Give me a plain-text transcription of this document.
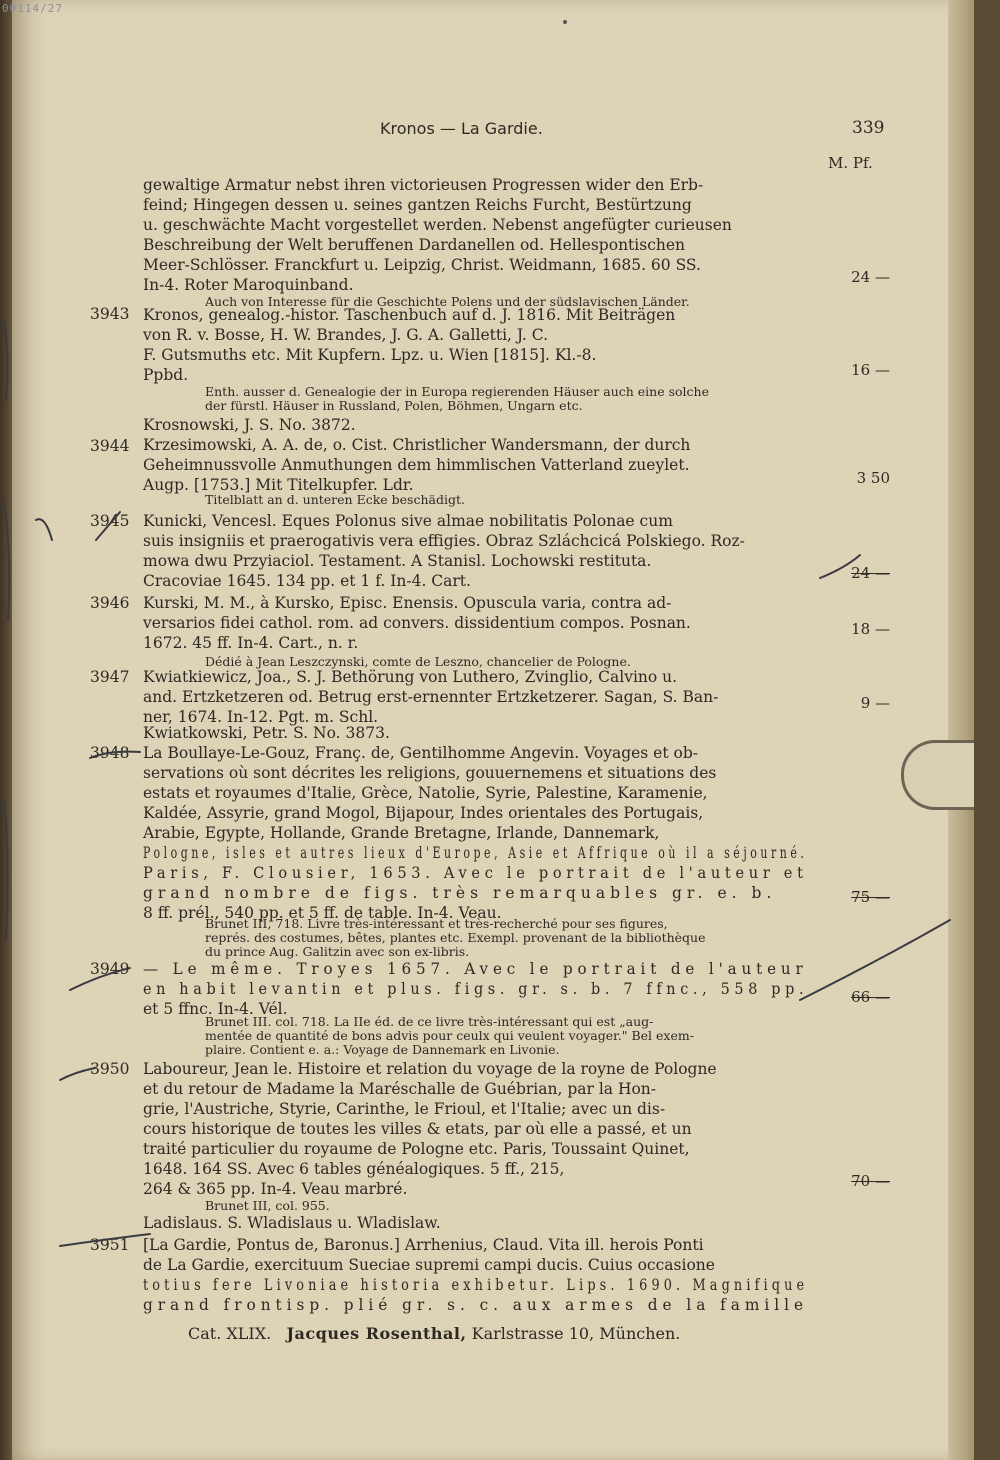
00114/27
Kronos — La Gardie.	339
M. Pf.
gewaltige Armatur nebst ihren victorieusen Progressen wider den Erb-
feind; Hingegen dessen u. seines gantzen Reichs Furcht, Bestürtzung
u. geschwächte Macht vorgestellet werden. Nebenst angefügter curieusen
Beschreibung der Welt beruffenen Dardanellen od. Hellespontischen
Meer-Schlösser. Franckfurt u. Leipzig, Christ. Weidmann, 1685. 60 SS.
In-4. Roter Maroquinband.
Auch von Interesse für die Geschichte Polens und der südslavischen Länder.
Kronos, genealog.-histor. Taschenbuch auf d. J. 1816. Mit Beiträgen
von R. v. Bosse, H. W. Brandes, J. G. A. Galletti, J. C.
F. Gutsmuths etc. Mit Kupfern. Lpz. u. Wien [1815]. Kl.-8.
Ppbd.
Enth. ausser d. Genealogie der in Europa regierenden Häuser auch eine solche
der fürstl. Häuser in Russland, Polen, Böhmen, Ungarn etc.
Krosnowski, J. S. No. 3872.
Krzesimowski, A. A. de, o. Cist. Christlicher Wandersmann, der durch
Geheimnussvolle Anmuthungen dem himmlischen Vatterland zueylet.
Augp. [1753.] Mit Titelkupfer. Ldr.
Titelblatt an d. unteren Ecke beschädigt.
Kunicki, Vencesl. Eques Polonus sive almae nobilitatis Polonae cum
suis insigniis et praerogativis vera effigies. Obraz Szláchcicá Polskiego. Roz-
mowa dwu Przyiaciol. Testament. A Stanisl. Lochowski restituta.
Cracoviae 1645. 134 pp. et 1 f. In-4. Cart.
Kurski, M. M., à Kursko, Episc. Enensis. Opuscula varia, contra ad-
versarios fidei cathol. rom. ad convers. dissidentium compos. Posnan.
1672. 45 ff. In-4. Cart., n. r.
Dédié à Jean Leszczynski, comte de Leszno, chancelier de Pologne.
Kwiatkiewicz, Joa., S. J. Bethörung von Luthero, Zvinglio, Calvino u.
and. Ertzketzeren od. Betrug erst-ernennter Ertzketzerer. Sagan, S. Ban-
ner, 1674. In-12. Pgt. m. Schl.
Kwiatkowski, Petr. S. No. 3873.
La Boullaye-Le-Gouz, Franç. de, Gentilhomme Angevin. Voyages et ob-
servations où sont décrites les religions, gouuernemens et situations des
estats et royaumes d'Italie, Grèce, Natolie, Syrie, Palestine, Karamenie,
Kaldée, Assyrie, grand Mogol, Bijapour, Indes orientales des Portugais,
Arabie, Egypte, Hollande, Grande Bretagne, Irlande, Dannemark,
Pologne, isles et autres lieux d'Europe, Asie et Affrique où il a séjourné.
Paris, F. Clousier, 1653. Avec le portrait de l'auteur et
grand nombre de figs. très remarquables gr. e. b.
8 ff. prél., 540 pp. et 5 ff. de table. In-4. Veau.
Brunet III, 718. Livre très-intéressant et très-recherché pour ses figures,
représ. des costumes, bêtes, plantes etc. Exempl. provenant de la bibliothèque
du prince Aug. Galitzin avec son ex-libris.
— Le même. Troyes 1657. Avec le portrait de l'auteur
en habit levantin et plus. figs. gr. s. b. 7 ffnc., 558 pp.
et 5 ffnc. In-4. Vél.
Brunet III. col. 718. La IIe éd. de ce livre très-intéressant qui est „aug-
mentée de quantité de bons advis pour ceulx qui veulent voyager." Bel exem-
plaire. Contient e. a.: Voyage de Dannemark en Livonie.
Laboureur, Jean le. Histoire et relation du voyage de la royne de Pologne
et du retour de Madame la Maréschalle de Guébrian, par la Hon-
grie, l'Austriche, Styrie, Carinthe, le Frioul, et l'Italie; avec un dis-
cours historique de toutes les villes & etats, par où elle a passé, et un
traité particulier du royaume de Pologne etc. Paris, Toussaint Quinet,
1648. 164 SS. Avec 6 tables généalogiques. 5 ff., 215,
264 & 365 pp. In-4. Veau marbré.
Brunet III, col. 955.
Ladislaus. S. Wladislaus u. Wladislaw.
[La Gardie, Pontus de, Baronus.] Arrhenius, Claud. Vita ill. herois Ponti
de La Gardie, exercituum Sueciae supremi campi ducis. Cuius occasione
totius fere Livoniae historia exhibetur. Lips. 1690. Magnifique
grand frontisp. plié gr. s. c. aux armes de la famille
3943
3944
3945
3946
3947
3948
3949
3950
3951
24 —
16 —
3 50
24 —
18 —
9 —
75 —
66 —
70 —
Cat. XLIX. Jacques Rosenthal, Karlstrasse 10, München.
